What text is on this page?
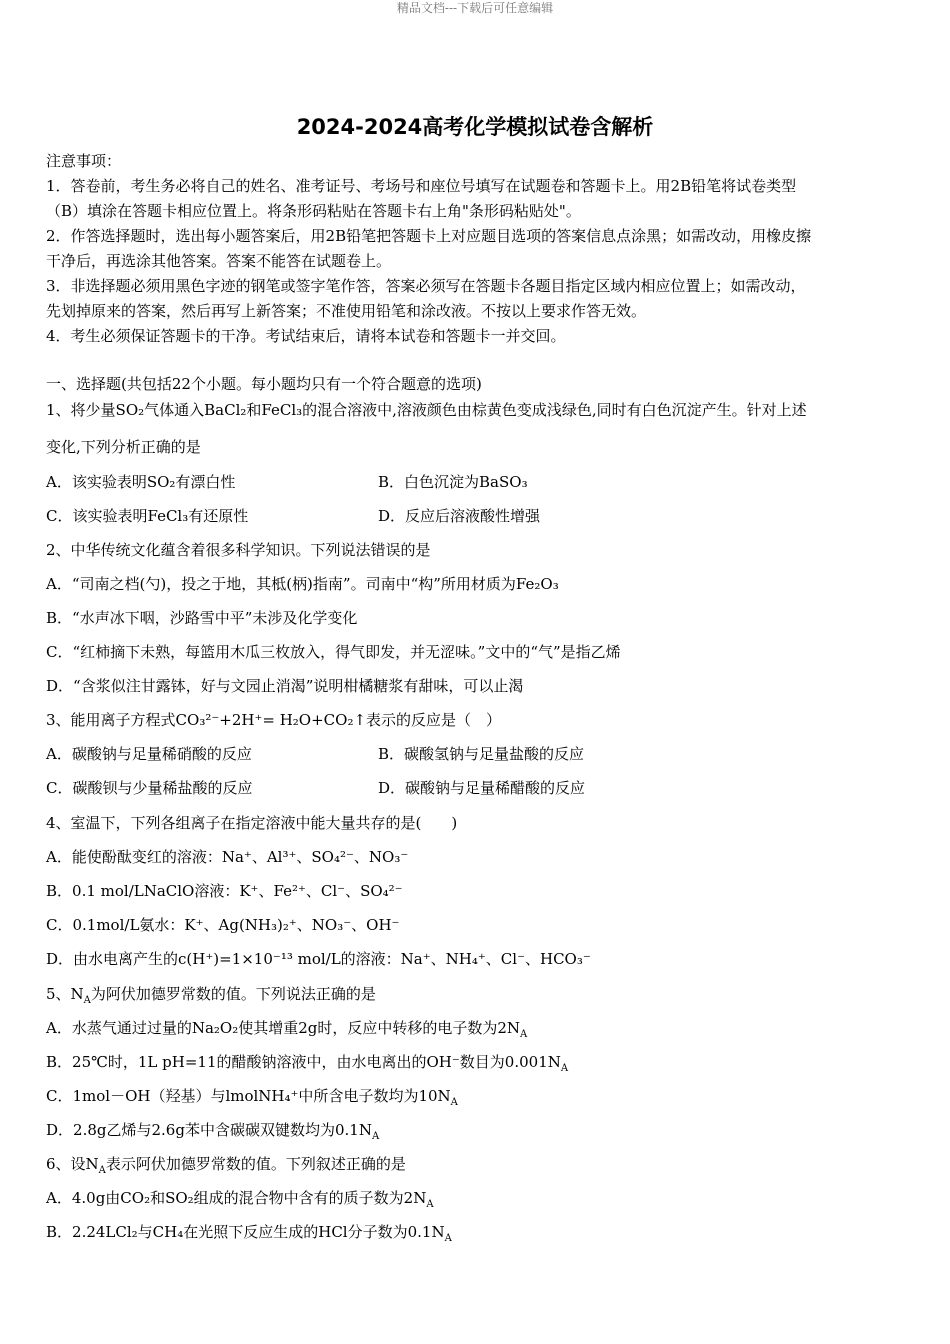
精品文档---下载后可任意编辑
2024-2024高考化学模拟试卷含解析
注意事项：
1．答卷前，考生务必将自己的姓名、准考证号、考场号和座位号填写在试题卷和答题卡上。用2B铅笔将试卷类型
（B）填涂在答题卡相应位置上。将条形码粘贴在答题卡右上角"条形码粘贴处"。
2．作答选择题时，选出每小题答案后，用2B铅笔把答题卡上对应题目选项的答案信息点涂黑；如需改动，用橡皮擦
干净后，再选涂其他答案。答案不能答在试题卷上。
3．非选择题必须用黑色字迹的钢笔或签字笔作答，答案必须写在答题卡各题目指定区域内相应位置上；如需改动，
先划掉原来的答案，然后再写上新答案；不准使用铅笔和涂改液。不按以上要求作答无效。
4．考生必须保证答题卡的干净。考试结束后，请将本试卷和答题卡一并交回。
一、选择题(共包括22个小题。每小题均只有一个符合题意的选项)
1、将少量SO₂气体通入BaCl₂和FeCl₃的混合溶液中,溶液颜色由棕黄色变成浅绿色,同时有白色沉淀产生。针对上述
变化,下列分析正确的是
A．该实验表明SO₂有漂白性	B．白色沉淀为BaSO₃
C．该实验表明FeCl₃有还原性	D．反应后溶液酸性增强
2、中华传统文化蕴含着很多科学知识。下列说法错误的是
A．“司南之档(勺)，投之于地，其柢(柄)指南”。司南中“构”所用材质为Fe₂O₃
B．“水声冰下咽，沙路雪中平”未涉及化学变化
C．“红柿摘下未熟，每篮用木瓜三枚放入，得气即发，并无涩味。”文中的“气”是指乙烯
D．“含浆似注甘露钵，好与文园止消渴”说明柑橘糖浆有甜味，可以止渴
3、能用离子方程式CO₃²⁻+2H⁺= H₂O+CO₂↑表示的反应是（　）
A．碳酸钠与足量稀硝酸的反应	B．碳酸氢钠与足量盐酸的反应
C．碳酸钡与少量稀盐酸的反应	D．碳酸钠与足量稀醋酸的反应
4、室温下，下列各组离子在指定溶液中能大量共存的是(　　)
A．能使酚酞变红的溶液：Na⁺、Al³⁺、SO₄²⁻、NO₃⁻
B．0.1 mol/LNaClO溶液：K⁺、Fe²⁺、Cl⁻、SO₄²⁻
C．0.1mol/L氨水：K⁺、Ag(NH₃)₂⁺、NO₃⁻、OH⁻
D．由水电离产生的c(H⁺)=1×10⁻¹³ mol/L的溶液：Na⁺、NH₄⁺、Cl⁻、HCO₃⁻
5、$N_A$为阿伏加德罗常数的值。下列说法正确的是
A．水蒸气通过过量的Na₂O₂使其增重2g时，反应中转移的电子数为$2N_A$
B．25℃时，1L pH=11的醋酸钠溶液中，由水电离出的OH⁻数目为$0.001N_A$
C．1mol－OH（羟基）与lmolNH₄⁺中所含电子数均为$10N_A$
D．2.8g乙烯与2.6g苯中含碳碳双键数均为$0.1N_A$
6、设$N_A$表示阿伏加德罗常数的值。下列叙述正确的是
A．4.0g由CO₂和SO₂组成的混合物中含有的质子数为$2N_A$
B．2.24LCl₂与CH₄在光照下反应生成的HCl分子数为$0.1N_A$
